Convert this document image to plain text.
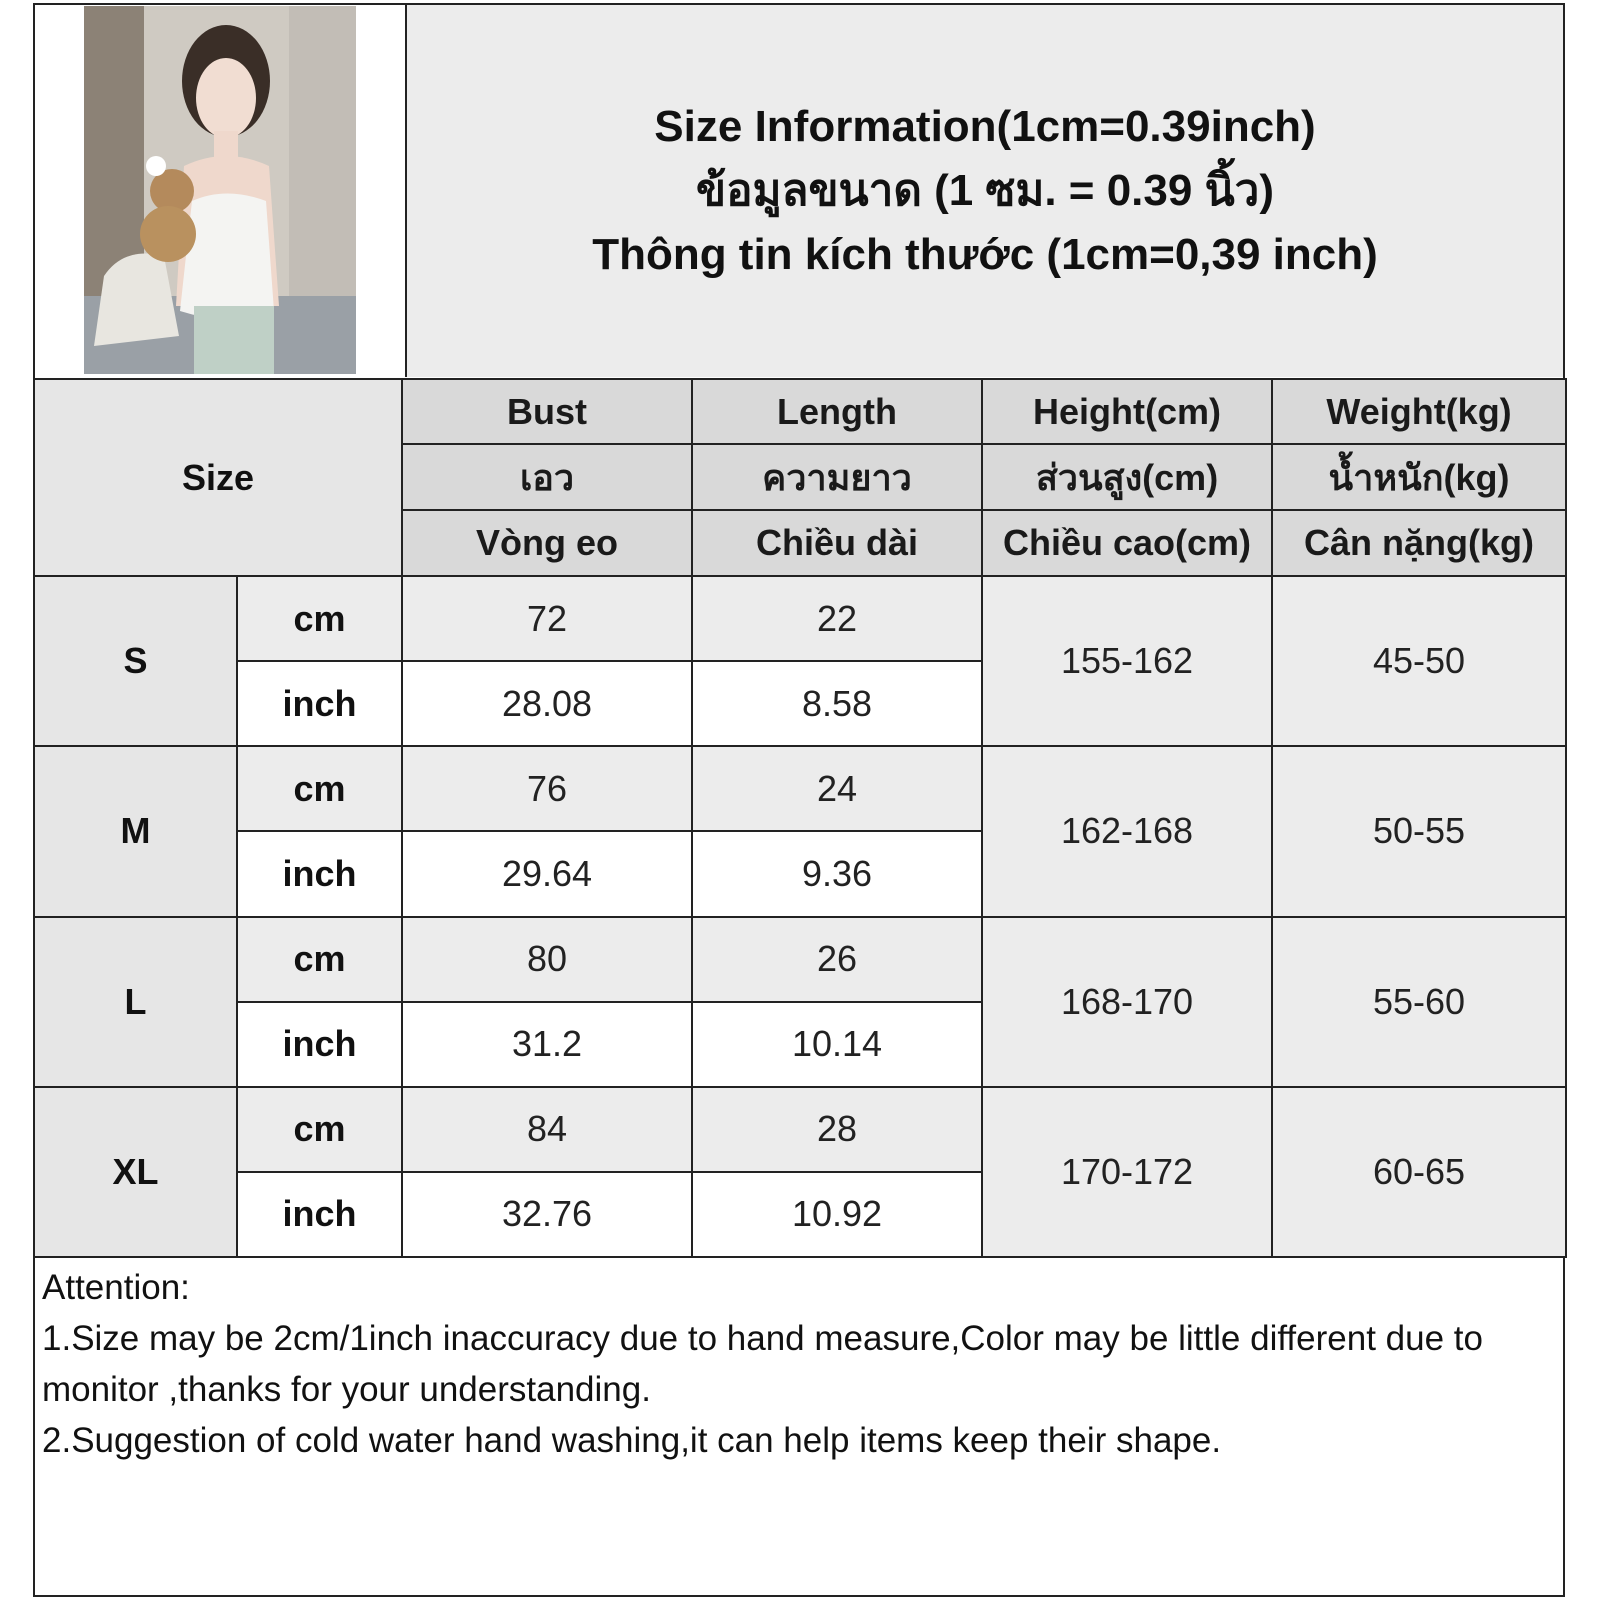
Size Information(1cm=0.39inch)
ข้อมูลขนาด (1 ซม. = 0.39 นิ้ว)
Thông tin kích thước (1cm=0,39 inch)
Size		Bust	Length	Height(cm)	Weight(kg)
		เอว	ความยาว	ส่วนสูง(cm)	น้ำหนัก(kg)
		Vòng eo	Chiều dài	Chiều cao(cm)	Cân nặng(kg)
S	cm	72	22	155-162	45-50
	inch	28.08	8.58		
M	cm	76	24	162-168	50-55
	inch	29.64	9.36		
L	cm	80	26	168-170	55-60
	inch	31.2	10.14		
XL	cm	84	28	170-172	60-65
	inch	32.76	10.92		
Attention:
1.Size may be 2cm/1inch inaccuracy due to hand measure,Color may be little different due to monitor ,thanks for your understanding.
2.Suggestion of cold water hand washing,it can help items keep their shape.
